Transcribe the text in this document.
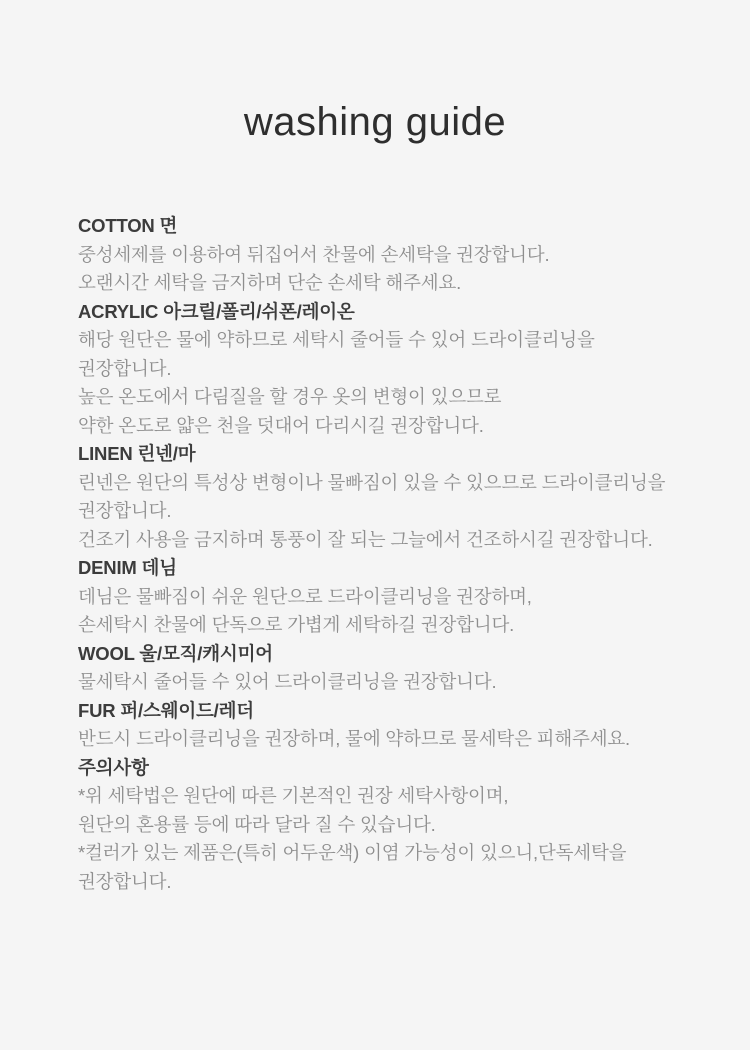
washing guide
COTTON 면
중성세제를 이용하여 뒤집어서 찬물에 손세탁을 권장합니다.
오랜시간 세탁을 금지하며 단순 손세탁 해주세요.
ACRYLIC 아크릴/폴리/쉬폰/레이온
해당 원단은 물에 약하므로 세탁시 줄어들 수 있어 드라이클리닝을
권장합니다.
높은 온도에서 다림질을 할 경우 옷의 변형이 있으므로
약한 온도로 얇은 천을 덧대어 다리시길 권장합니다.
LINEN 린넨/마
린넨은 원단의 특성상 변형이나 물빠짐이 있을 수 있으므로 드라이클리닝을
권장합니다.
건조기 사용을 금지하며 통풍이 잘 되는 그늘에서 건조하시길 권장합니다.
DENIM 데님
데님은 물빠짐이 쉬운 원단으로 드라이클리닝을 권장하며,
손세탁시 찬물에 단독으로 가볍게 세탁하길 권장합니다.
WOOL 울/모직/캐시미어
물세탁시 줄어들 수 있어 드라이클리닝을 권장합니다.
FUR 퍼/스웨이드/레더
반드시 드라이클리닝을 권장하며, 물에 약하므로 물세탁은 피해주세요.
주의사항
*위 세탁법은 원단에 따른 기본적인 권장 세탁사항이며,
원단의 혼용률 등에 따라 달라 질 수 있습니다.
*컬러가 있는 제품은(특히 어두운색) 이염 가능성이 있으니,단독세탁을
권장합니다.
